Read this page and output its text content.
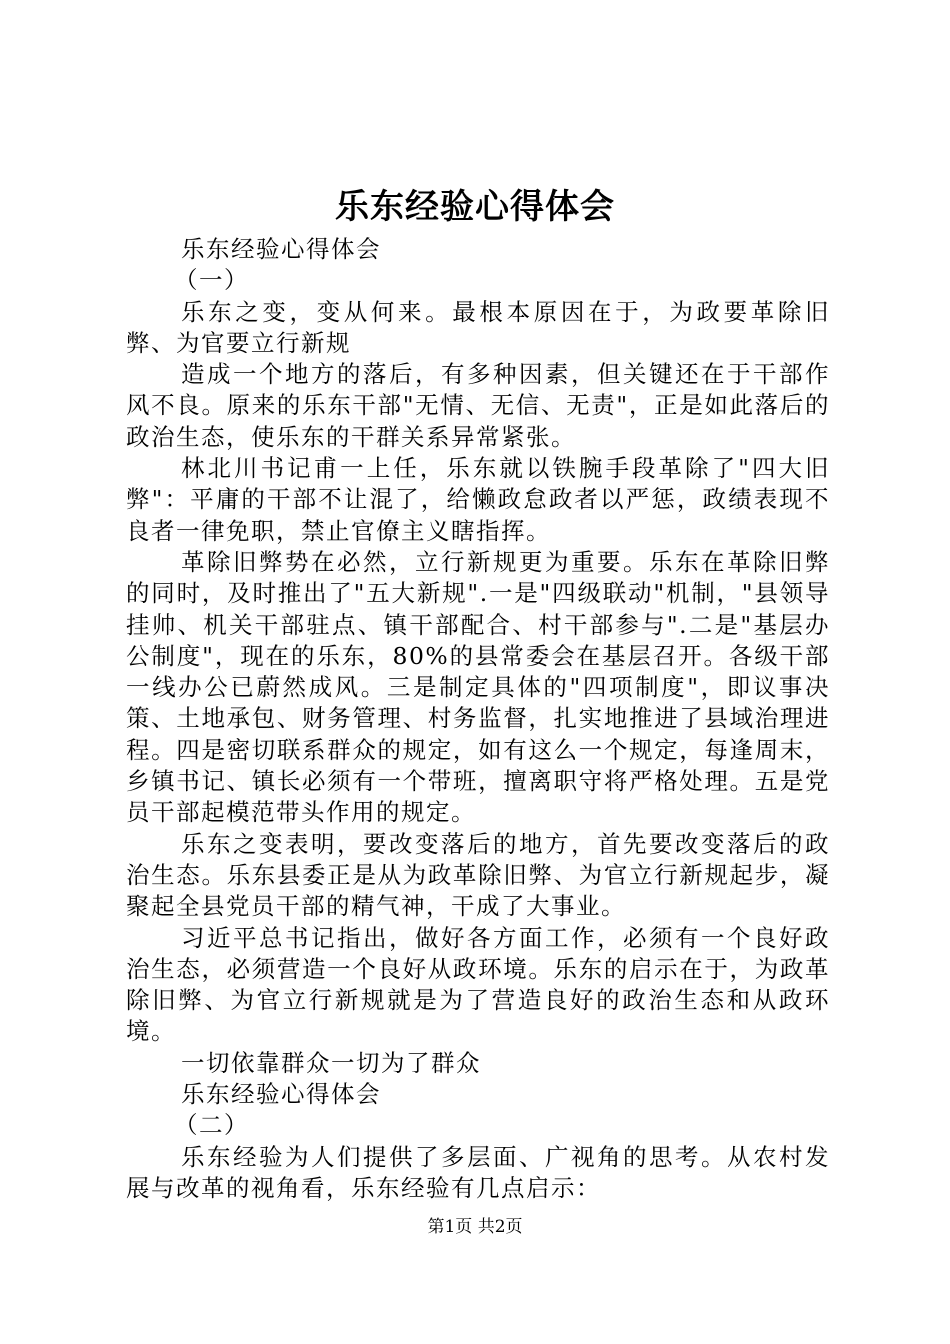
乐东经验心得体会

乐东经验心得体会

（一）

乐东之变，变从何来。最根本原因在于，为政要革除旧弊、为官要立行新规

造成一个地方的落后，有多种因素，但关键还在于干部作风不良。原来的乐东干部"无情、无信、无责"，正是如此落后的政治生态，使乐东的干群关系异常紧张。

林北川书记甫一上任，乐东就以铁腕手段革除了"四大旧弊"：平庸的干部不让混了，给懒政怠政者以严惩，政绩表现不良者一律免职，禁止官僚主义瞎指挥。

革除旧弊势在必然，立行新规更为重要。乐东在革除旧弊的同时，及时推出了"五大新规".一是"四级联动"机制，"县领导挂帅、机关干部驻点、镇干部配合、村干部参与".二是"基层办公制度"，现在的乐东，80%的县常委会在基层召开。各级干部一线办公已蔚然成风。三是制定具体的"四项制度"，即议事决策、土地承包、财务管理、村务监督，扎实地推进了县域治理进程。四是密切联系群众的规定，如有这么一个规定，每逢周末，乡镇书记、镇长必须有一个带班，擅离职守将严格处理。五是党员干部起模范带头作用的规定。

乐东之变表明，要改变落后的地方，首先要改变落后的政治生态。乐东县委正是从为政革除旧弊、为官立行新规起步，凝聚起全县党员干部的精气神，干成了大事业。

习近平总书记指出，做好各方面工作，必须有一个良好政治生态，必须营造一个良好从政环境。乐东的启示在于，为政革除旧弊、为官立行新规就是为了营造良好的政治生态和从政环境。

一切依靠群众一切为了群众

乐东经验心得体会

（二）

乐东经验为人们提供了多层面、广视角的思考。从农村发展与改革的视角看，乐东经验有几点启示：

第1页 共2页
